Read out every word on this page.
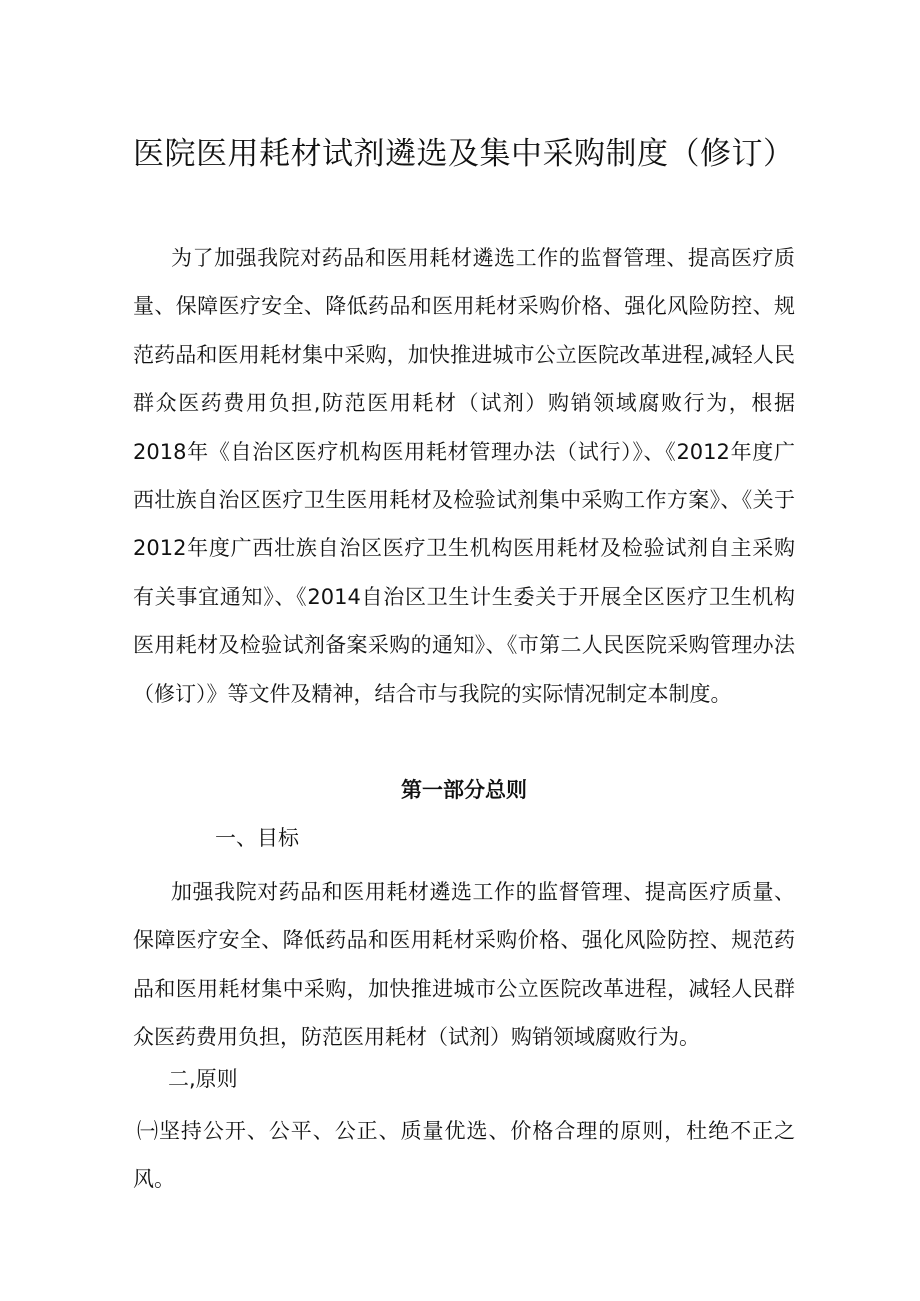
医院医用耗材试剂遴选及集中采购制度（修订）
为了加强我院对药品和医用耗材遴选工作的监督管理、提高医疗质量、保障医疗安全、降低药品和医用耗材采购价格、强化风险防控、规范药品和医用耗材集中采购，加快推进城市公立医院改革进程,减轻人民群众医药费用负担,防范医用耗材（试剂）购销领域腐败行为，根据2018年《自治区医疗机构医用耗材管理办法（试行）》、《2012年度广西壮族自治区医疗卫生医用耗材及检验试剂集中采购工作方案》、《关于2012年度广西壮族自治区医疗卫生机构医用耗材及检验试剂自主采购有关事宜通知》、《2014自治区卫生计生委关于开展全区医疗卫生机构医用耗材及检验试剂备案采购的通知》、《市第二人民医院采购管理办法（修订）》等文件及精神，结合市与我院的实际情况制定本制度。
第一部分总则
一、目标
加强我院对药品和医用耗材遴选工作的监督管理、提高医疗质量、保障医疗安全、降低药品和医用耗材采购价格、强化风险防控、规范药品和医用耗材集中采购，加快推进城市公立医院改革进程，减轻人民群众医药费用负担，防范医用耗材（试剂）购销领域腐败行为。
二,原则
㈠坚持公开、公平、公正、质量优选、价格合理的原则，杜绝不正之风。
